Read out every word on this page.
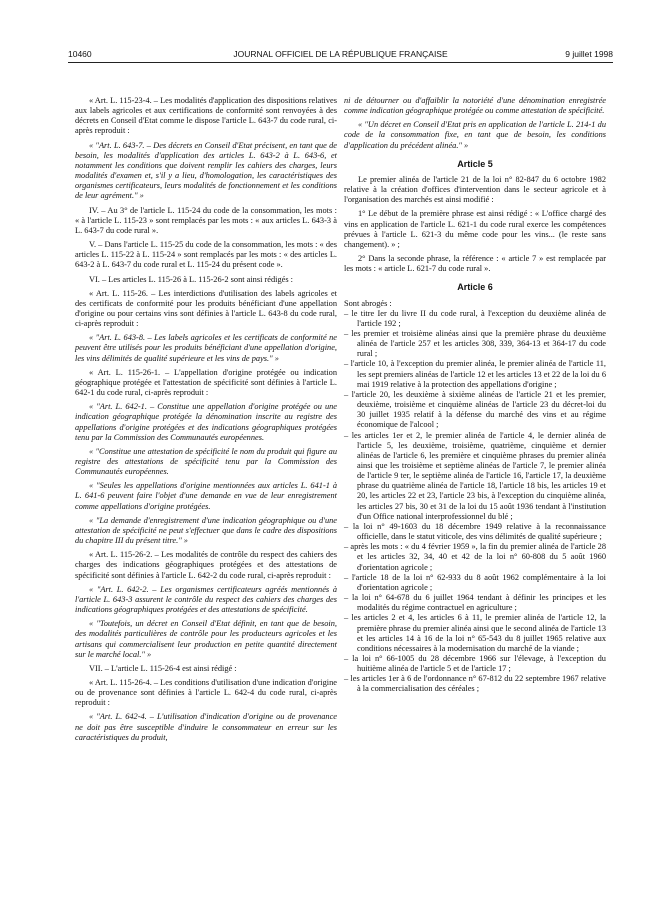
10460	JOURNAL OFFICIEL DE LA RÉPUBLIQUE FRANÇAISE	9 juillet 1998

« Art. L. 115-23-4. – Les modalités d'application des dispositions relatives aux labels agricoles et aux certifications de conformité sont renvoyées à des décrets en Conseil d'Etat comme le dispose l'article L. 643-7 du code rural, ci-après reproduit :

« "Art. L. 643-7. – Des décrets en Conseil d'Etat précisent, en tant que de besoin, les modalités d'application des articles L. 643-2 à L. 643-6, et notamment les conditions que doivent remplir les cahiers des charges, leurs modalités d'examen et, s'il y a lieu, d'homologation, les caractéristiques des organismes certificateurs, leurs modalités de fonctionnement et les conditions de leur agrément." »

IV. – Au 3° de l'article L. 115-24 du code de la consommation, les mots : « à l'article L. 115-23 » sont remplacés par les mots : « aux articles L. 643-3 à L. 643-7 du code rural ».

V. – Dans l'article L. 115-25 du code de la consommation, les mots : « des articles L. 115-22 à L. 115-24 » sont remplacés par les mots : « des articles L. 643-2 à L. 643-7 du code rural et L. 115-24 du présent code ».

VI. – Les articles L. 115-26 à L. 115-26-2 sont ainsi rédigés :

« Art. L. 115-26. – Les interdictions d'utilisation des labels agricoles et des certificats de conformité pour les produits bénéficiant d'une appellation d'origine ou pour certains vins sont définies à l'article L. 643-8 du code rural, ci-après reproduit :

« "Art. L. 643-8. – Les labels agricoles et les certificats de conformité ne peuvent être utilisés pour les produits bénéficiant d'une appellation d'origine, les vins délimités de qualité supérieure et les vins de pays." »

« Art. L. 115-26-1. – L'appellation d'origine protégée ou indication géographique protégée et l'attestation de spécificité sont définies à l'article L. 642-1 du code rural, ci-après reproduit :

« "Art. L. 642-1. – Constitue une appellation d'origine protégée ou une indication géographique protégée la dénomination inscrite au registre des appellations d'origine protégées et des indications géographiques protégées tenu par la Commission des Communautés européennes.

« "Constitue une attestation de spécificité le nom du produit qui figure au registre des attestations de spécificité tenu par la Commission des Communautés européennes.

« "Seules les appellations d'origine mentionnées aux articles L. 641-1 à L. 641-6 peuvent faire l'objet d'une demande en vue de leur enregistrement comme appellations d'origine protégées.

« "La demande d'enregistrement d'une indication géographique ou d'une attestation de spécificité ne peut s'effectuer que dans le cadre des dispositions du chapitre III du présent titre." »

« Art. L. 115-26-2. – Les modalités de contrôle du respect des cahiers des charges des indications géographiques protégées et des attestations de spécificité sont définies à l'article L. 642-2 du code rural, ci-après reproduit :

« "Art. L. 642-2. – Les organismes certificateurs agréés mentionnés à l'article L. 643-3 assurent le contrôle du respect des cahiers des charges des indications géographiques protégées et des attestations de spécificité.

« "Toutefois, un décret en Conseil d'Etat définit, en tant que de besoin, des modalités particulières de contrôle pour les producteurs agricoles et les artisans qui commercialisent leur production en petite quantité directement sur le marché local." »

VII. – L'article L. 115-26-4 est ainsi rédigé :

« Art. L. 115-26-4. – Les conditions d'utilisation d'une indication d'origine ou de provenance sont définies à l'article L. 642-4 du code rural, ci-après reproduit :

« "Art. L. 642-4. – L'utilisation d'indication d'origine ou de provenance ne doit pas être susceptible d'induire le consommateur en erreur sur les caractéristiques du produit,

ni de détourner ou d'affaiblir la notoriété d'une dénomination enregistrée comme indication géographique protégée ou comme attestation de spécificité.

« "Un décret en Conseil d'Etat pris en application de l'article L. 214-1 du code de la consommation fixe, en tant que de besoin, les conditions d'application du précédent alinéa." »

Article 5

Le premier alinéa de l'article 21 de la loi n° 82-847 du 6 octobre 1982 relative à la création d'offices d'intervention dans le secteur agricole et à l'organisation des marchés est ainsi modifié :

1° Le début de la première phrase est ainsi rédigé : « L'office chargé des vins en application de l'article L. 621-1 du code rural exerce les compétences prévues à l'article L. 621-3 du même code pour les vins... (le reste sans changement). » ;

2° Dans la seconde phrase, la référence : « article 7 » est remplacée par les mots : « article L. 621-7 du code rural ».

Article 6

Sont abrogés :

– le titre Ier du livre II du code rural, à l'exception du deuxième alinéa de l'article 192 ;
– les premier et troisième alinéas ainsi que la première phrase du deuxième alinéa de l'article 257 et les articles 308, 339, 364-13 et 364-17 du code rural ;
– l'article 10, à l'exception du premier alinéa, le premier alinéa de l'article 11, les sept premiers alinéas de l'article 12 et les articles 13 et 22 de la loi du 6 mai 1919 relative à la protection des appellations d'origine ;
– l'article 20, les deuxième à sixième alinéas de l'article 21 et les premier, deuxième, troisième et cinquième alinéas de l'article 23 du décret-loi du 30 juillet 1935 relatif à la défense du marché des vins et au régime économique de l'alcool ;
– les articles 1er et 2, le premier alinéa de l'article 4, le dernier alinéa de l'article 5, les deuxième, troisième, quatrième, cinquième et dernier alinéas de l'article 6, les première et cinquième phrases du premier alinéa ainsi que les troisième et septième alinéas de l'article 7, le premier alinéa de l'article 9 ter, le septième alinéa de l'article 16, l'article 17, la deuxième phrase du quatrième alinéa de l'article 18, l'article 18 bis, les articles 19 et 20, les articles 22 et 23, l'article 23 bis, à l'exception du cinquième alinéa, les articles 27 bis, 30 et 31 de la loi du 15 août 1936 tendant à l'institution d'un Office national interprofessionnel du blé ;
– la loi n° 49-1603 du 18 décembre 1949 relative à la reconnaissance officielle, dans le statut viticole, des vins délimités de qualité supérieure ;
– après les mots : « du 4 février 1959 », la fin du premier alinéa de l'article 28 et les articles 32, 34, 40 et 42 de la loi n° 60-808 du 5 août 1960 d'orientation agricole ;
– l'article 18 de la loi n° 62-933 du 8 août 1962 complémentaire à la loi d'orientation agricole ;
– la loi n° 64-678 du 6 juillet 1964 tendant à définir les principes et les modalités du régime contractuel en agriculture ;
– les articles 2 et 4, les articles 6 à 11, le premier alinéa de l'article 12, la première phrase du premier alinéa ainsi que le second alinéa de l'article 13 et les articles 14 à 16 de la loi n° 65-543 du 8 juillet 1965 relative aux conditions nécessaires à la modernisation du marché de la viande ;
– la loi n° 66-1005 du 28 décembre 1966 sur l'élevage, à l'exception du huitième alinéa de l'article 5 et de l'article 17 ;
– les articles 1er à 6 de l'ordonnance n° 67-812 du 22 septembre 1967 relative à la commercialisation des céréales ;
